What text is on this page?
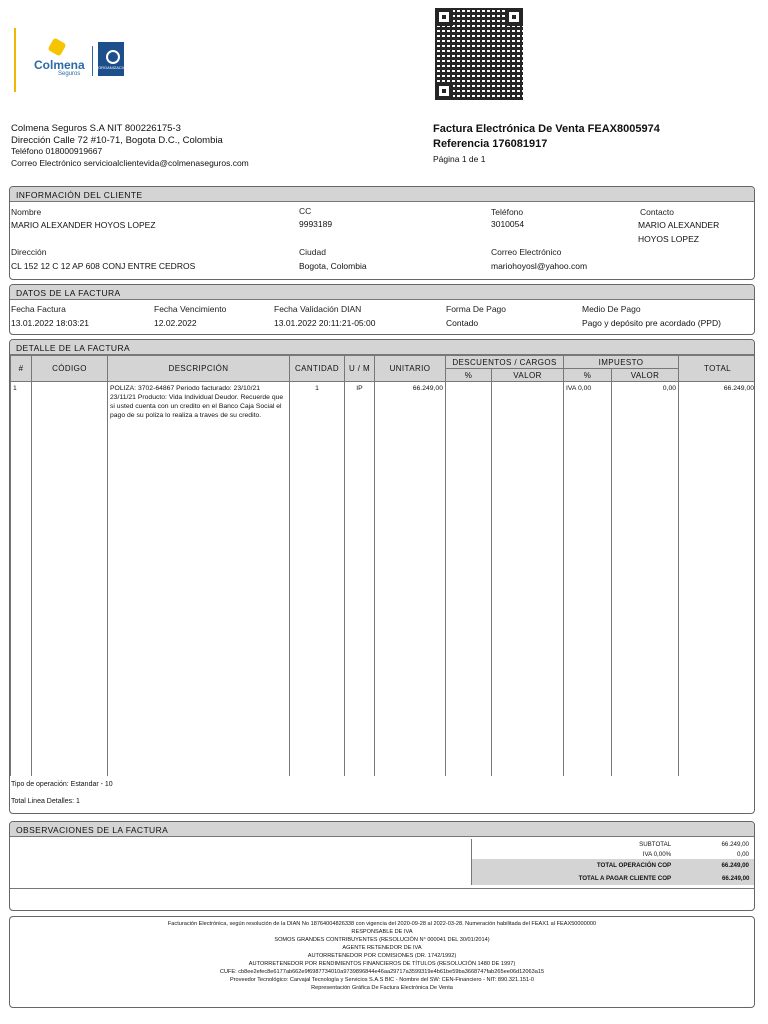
Colmena
Seguros
ORGANIZACIÓN
Colmena Seguros S.A NIT 800226175-3
Dirección Calle 72 #10-71, Bogota D.C., Colombia
Teléfono 018000919667
Correo Electrónico servicioalclientevida@colmenaseguros.com
Factura Electrónica De Venta FEAX8005974
Referencia 176081917
Página 1 de 1
INFORMACIÓN DEL CLIENTE
Nombre
MARIO ALEXANDER HOYOS LOPEZ
CC
9993189
Teléfono
3010054
Contacto
MARIO ALEXANDER
HOYOS LOPEZ
Dirección
CL 152 12 C 12 AP 608 CONJ ENTRE CEDROS
Ciudad
Bogota, Colombia
Correo Electrónico
mariohoyosl@yahoo.com
DATOS DE LA FACTURA
Fecha Factura
13.01.2022 18:03:21
Fecha Vencimiento
12.02.2022
Fecha Validación DIAN
13.01.2022 20:11:21-05:00
Forma De Pago
Contado
Medio De Pago
Pago y depósito pre acordado (PPD)
DETALLE DE LA FACTURA
#	CÓDIGO	DESCRIPCIÓN	CANTIDAD	U / M	UNITARIO	DESCUENTOS / CARGOS		IMPUESTO		TOTAL
						%	VALOR	%	VALOR	
1		POLIZA: 3702-64867 Periodo facturado: 23/10/21 23/11/21 Producto: Vida Individual Deudor. Recuerde que si usted cuenta con un credito en el Banco Caja Social el pago de su poliza lo realiza a traves de su credito.	1	IP	66.249,00			IVA 0,00	0,00	66.249,00
Tipo de operación: Estandar - 10
Total Linea Detalles: 1
OBSERVACIONES DE LA FACTURA
SUBTOTAL	66.249,00
IVA 0,00%	0,00
TOTAL OPERACIÓN COP	66.249,00
TOTAL A PAGAR CLIENTE COP	66.249,00
Facturación Electrónica, según resolución de la DIAN No 18764004826338 con vigencia del 2020-09-28 al 2022-03-28. Numeración habilitada del FEAX1 al FEAX50000000
RESPONSABLE DE IVA
SOMOS GRANDES CONTRIBUYENTES (RESOLUCIÓN N° 000041 DEL 30/01/2014)
AGENTE RETENEDOR DE IVA
AUTORRETENEDOR POR COMISIONES (DR. 1742/1992)
AUTORRETENEDOR POR RENDIMIENTOS FINANCIEROS DE TÍTULOS (RESOLUCIÓN 1480 DE 1997)
CUFE: cb8ee2efec8e6177ab662e9f6987734010a9739896844e46aa29717a3599319e4b61be59ba3668747fab265ee06d12063a15
Proveedor Tecnológico: Carvajal Tecnología y Servicios S.A.S BIC - Nombre del SW: CEN-Financiero - NIT: 890.321.151-0
Representación Gráfica De Factura Electrónica De Venta
